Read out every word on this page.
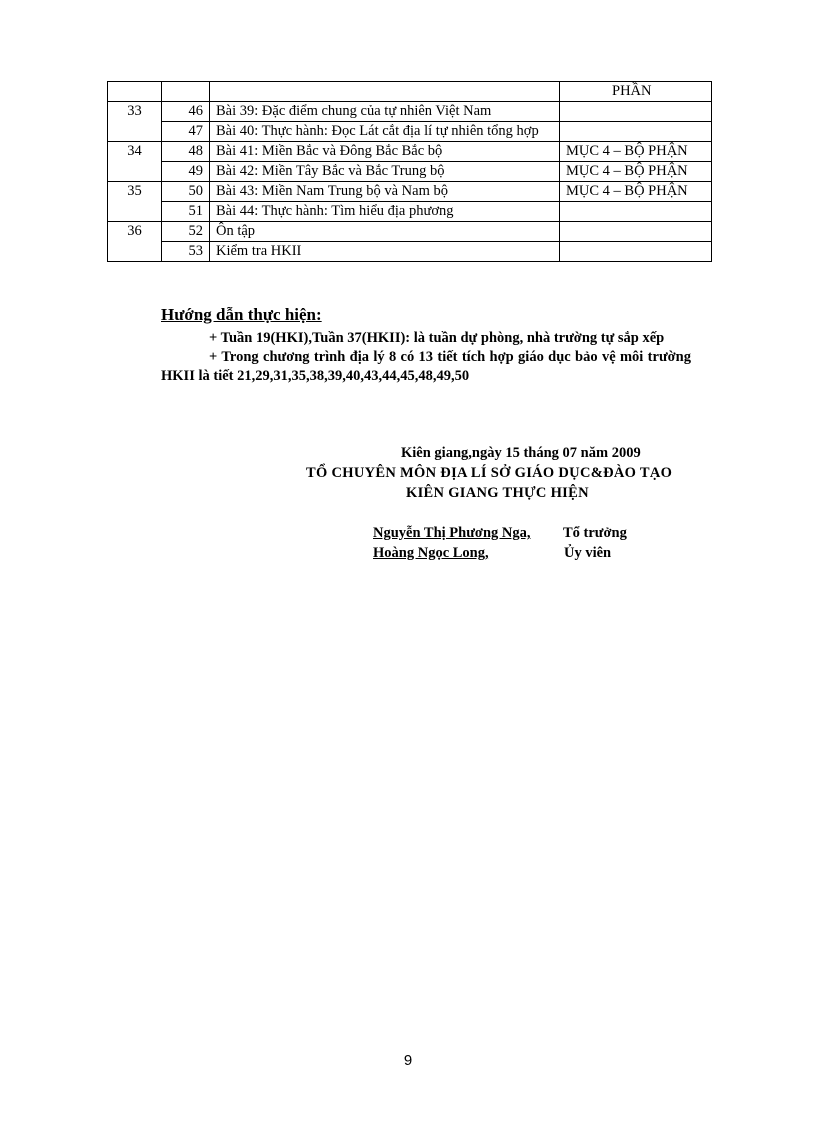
			PHẦN
33	46	Bài 39: Đặc điểm chung của tự nhiên Việt Nam	
	47	Bài 40: Thực hành: Đọc Lát cắt địa lí tự nhiên tổng hợp	
34	48	Bài 41: Miền Bắc và Đông Bắc Bắc bộ	MỤC 4 – BỘ PHẬN
	49	Bài 42: Miền Tây Bắc và Bắc Trung bộ	MỤC 4 – BỘ PHẬN
35	50	Bài 43: Miền Nam Trung bộ và Nam bộ	MỤC 4 – BỘ PHẬN
	51	Bài 44: Thực hành: Tìm hiểu địa phương	
36	52	Ôn tập	
	53	Kiểm tra HKII	
Hướng dẫn thực hiện:

+ Tuần 19(HKI),Tuần 37(HKII): là tuần dự phòng, nhà trường tự sắp xếp

+ Trong chương trình địa lý 8 có 13 tiết tích hợp giáo dục bảo vệ môi trường HKII là tiết 21,29,31,35,38,39,40,43,44,45,48,49,50

Kiên giang,ngày 15 tháng 07 năm 2009
TỔ CHUYÊN MÔN ĐỊA LÍ SỞ GIÁO DỤC&ĐÀO TẠO
KIÊN GIANG THỰC HIỆN
Nguyễn Thị Phương Nga, Tổ trưởng
Hoàng Ngọc Long,	Ủy viên
9
